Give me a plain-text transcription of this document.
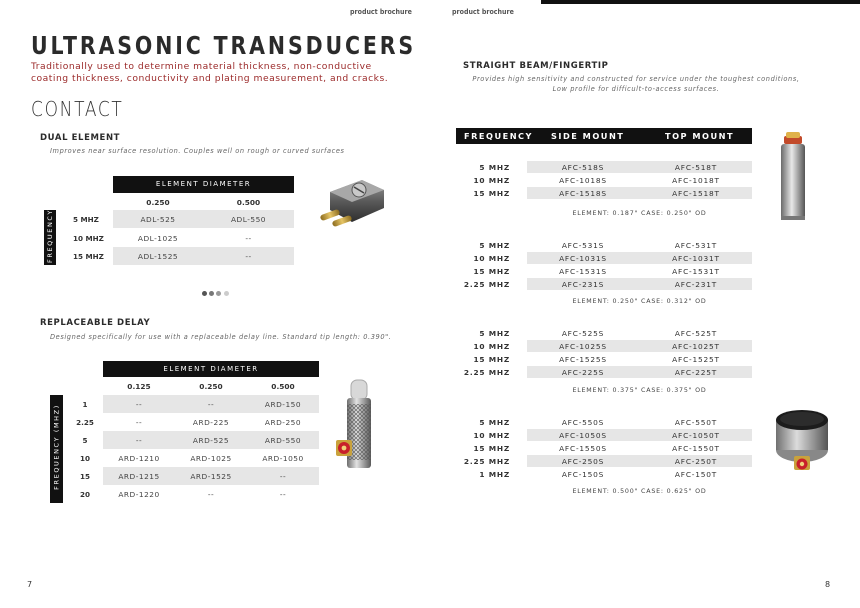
product brochure	product brochure
ULTRASONIC TRANSDUCERS
Traditionally used to determine material thickness, non-conductive coating thickness, conductivity and plating measurement, and cracks.
CONTACT
DUAL ELEMENT
Improves near surface resolution. Couples well on rough or curved surfaces
ELEMENT DIAMETER
0.250	0.500
FREQUENCY	5 MHZ	ADL-525	ADL-550
10 MHZ	ADL-1025	--
15 MHZ	ADL-1525	--
REPLACEABLE DELAY
Designed specifically for use with a replaceable delay line. Standard tip length: 0.390".
ELEMENT DIAMETER
0.125	0.250	0.500
FREQUENCY (MHZ)	1	--	--	ARD-150
2.25	--	ARD-225	ARD-250
5	--	ARD-525	ARD-550
10	ARD-1210	ARD-1025	ARD-1050
15	ARD-1215	ARD-1525	--
20	ARD-1220	--	--
7
STRAIGHT BEAM/FINGERTIP
Provides high sensitivity and constructed for service under the toughest conditions, Low profile for difficult-to-access surfaces.
FREQUENCY SIDE MOUNT	TOP MOUNT
5 MHZ	AFC-518S	AFC-518T
10 MHZ	AFC-1018S	AFC-1018T
15 MHZ	AFC-1518S	AFC-1518T
ELEMENT: 0.187" CASE: 0.250" OD
5 MHZ	AFC-531S	AFC-531T
10 MHZ	AFC-1031S	AFC-1031T
15 MHZ	AFC-1531S	AFC-1531T
2.25 MHZ	AFC-231S	AFC-231T
ELEMENT: 0.250" CASE: 0.312" OD
5 MHZ	AFC-525S	AFC-525T
10 MHZ	AFC-1025S	AFC-1025T
15 MHZ	AFC-1525S	AFC-1525T
2.25 MHZ	AFC-225S	AFC-225T
ELEMENT: 0.375" CASE: 0.375" OD
5 MHZ	AFC-550S	AFC-550T
10 MHZ	AFC-1050S	AFC-1050T
15 MHZ	AFC-1550S	AFC-1550T
2.25 MHZ	AFC-250S	AFC-250T
1 MHZ	AFC-150S	AFC-150T
ELEMENT: 0.500" CASE: 0.625" OD
8
